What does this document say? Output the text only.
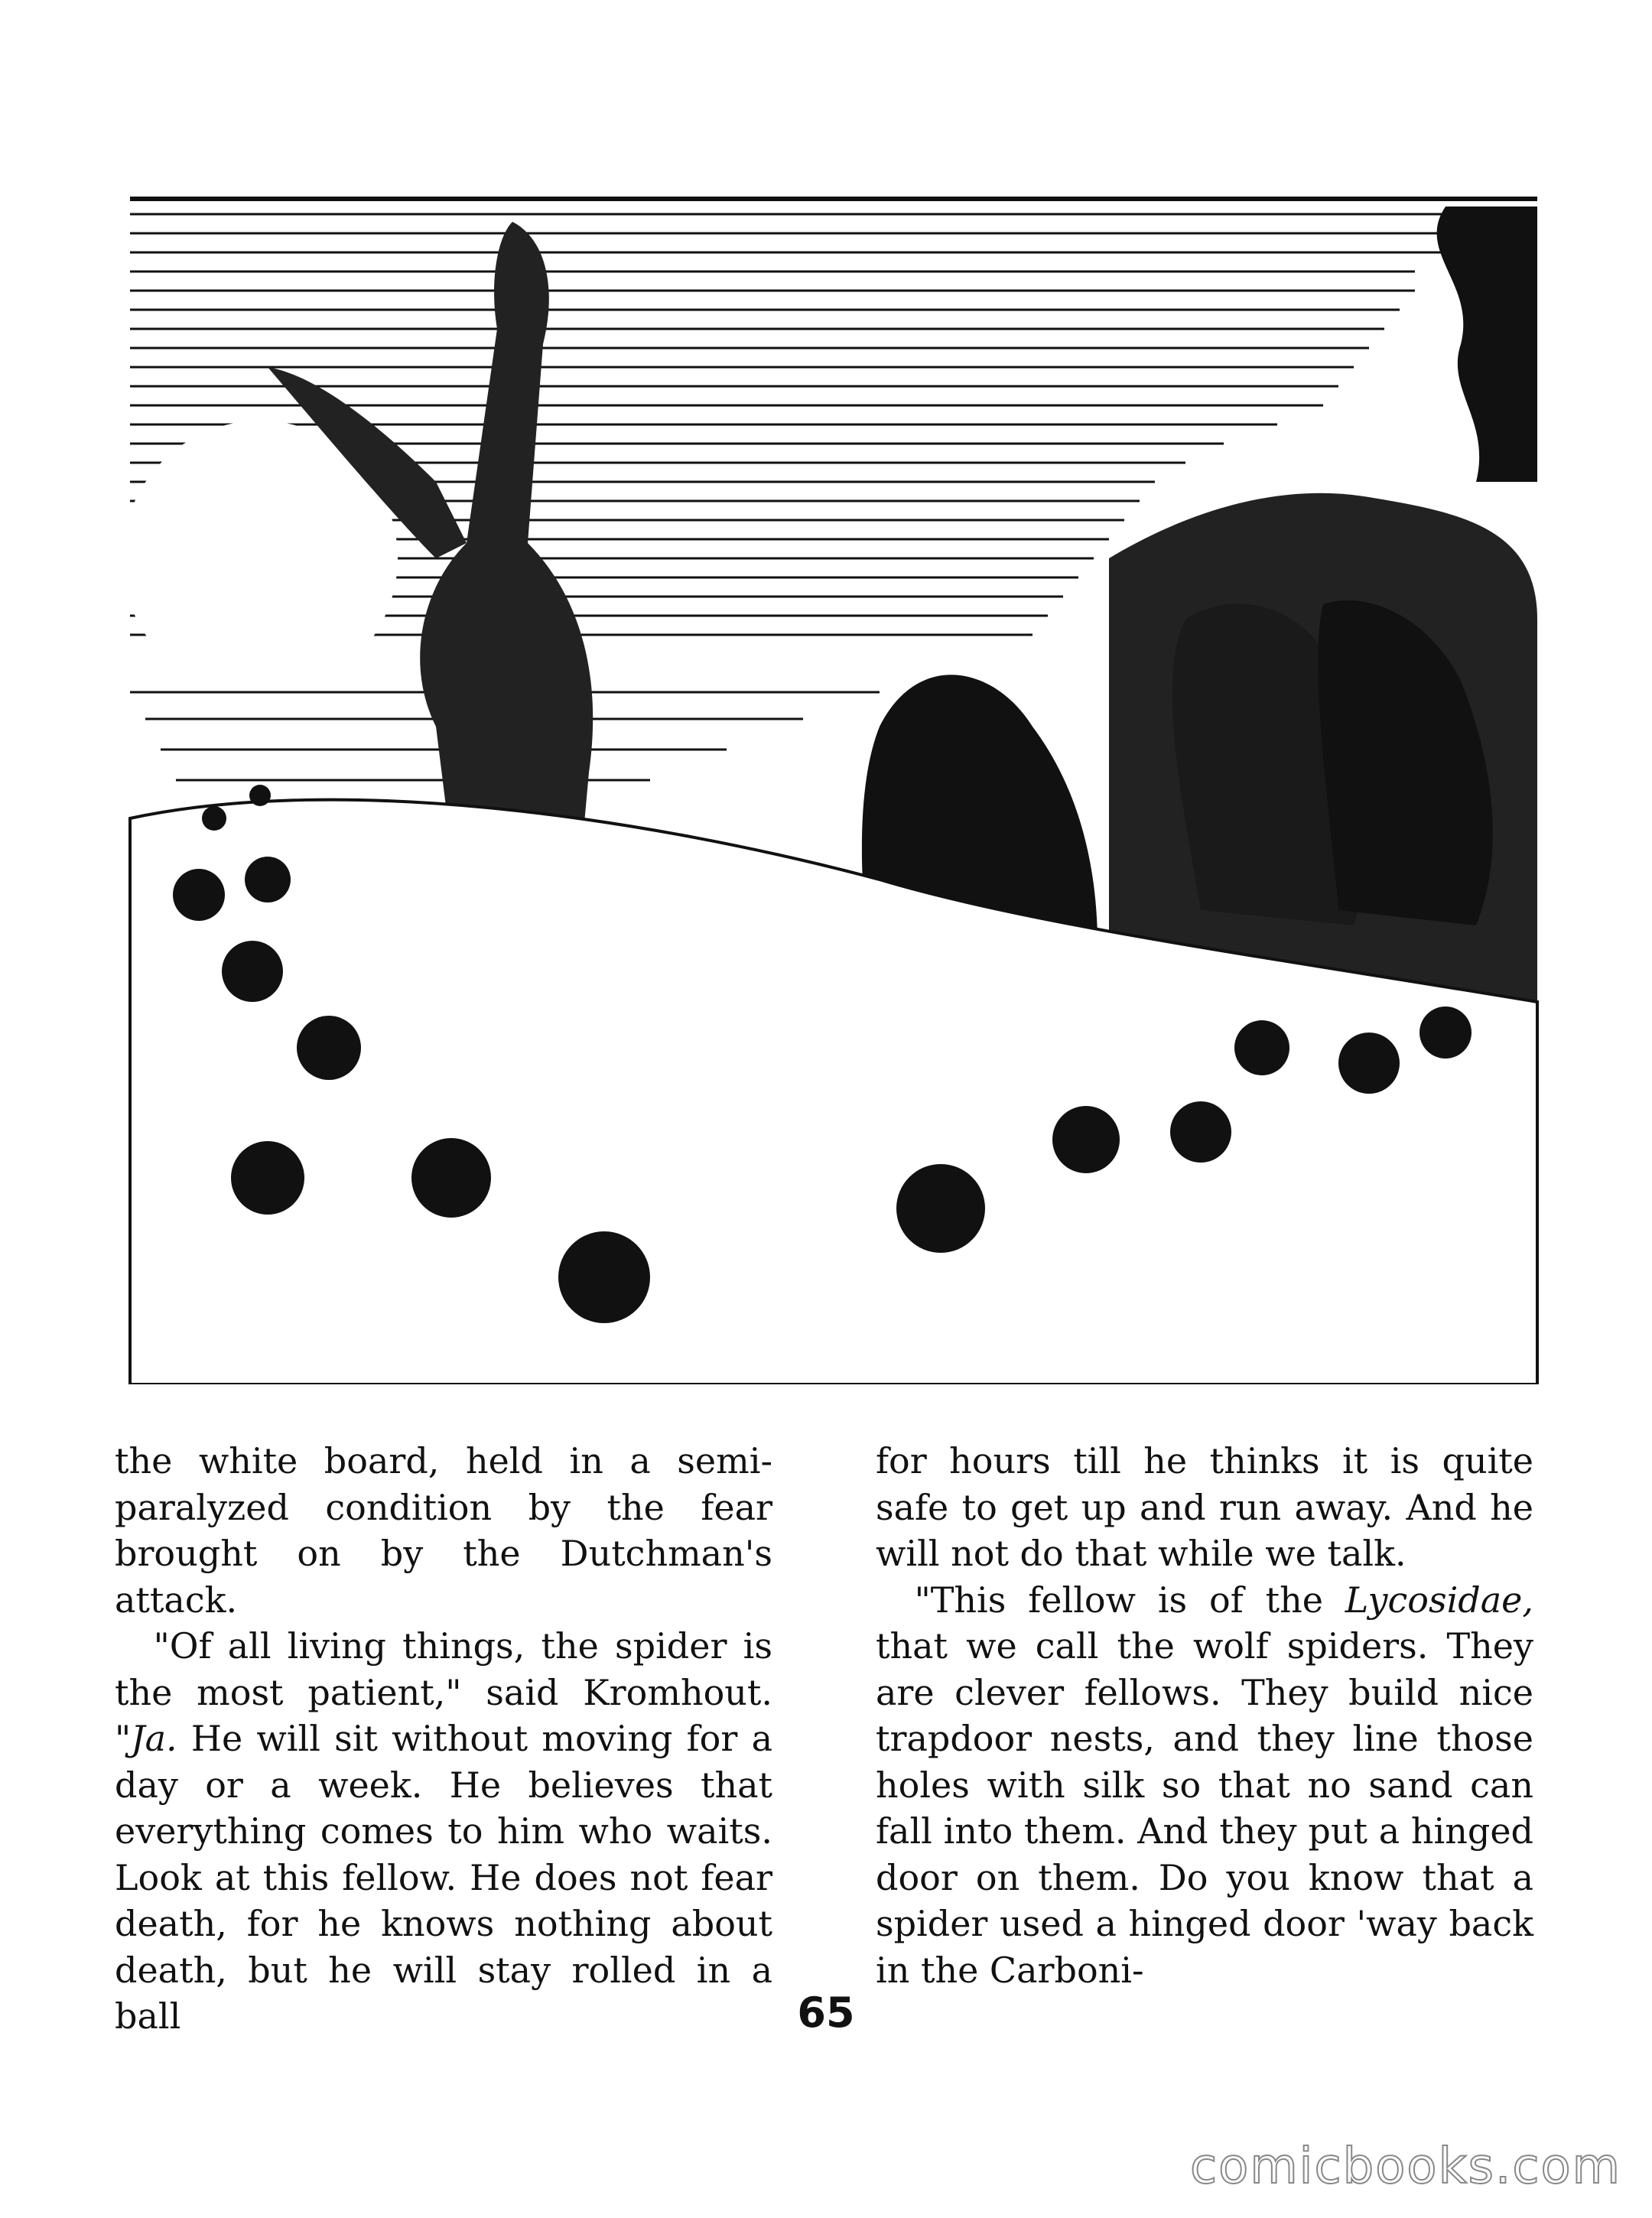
the white board, held in a semi-paralyzed condition by the fear brought on by the Dutchman's attack.

"Of all living things, the spider is the most patient," said Kromhout. "Ja. He will sit without moving for a day or a week. He believes that everything comes to him who waits. Look at this fellow. He does not fear death, for he knows nothing about death, but he will stay rolled in a ball

for hours till he thinks it is quite safe to get up and run away. And he will not do that while we talk.

"This fellow is of the Lycosidae, that we call the wolf spiders. They are clever fellows. They build nice trapdoor nests, and they line those holes with silk so that no sand can fall into them. And they put a hinged door on them. Do you know that a spider used a hinged door 'way back in the Carboni-

65
comicbooks.com
